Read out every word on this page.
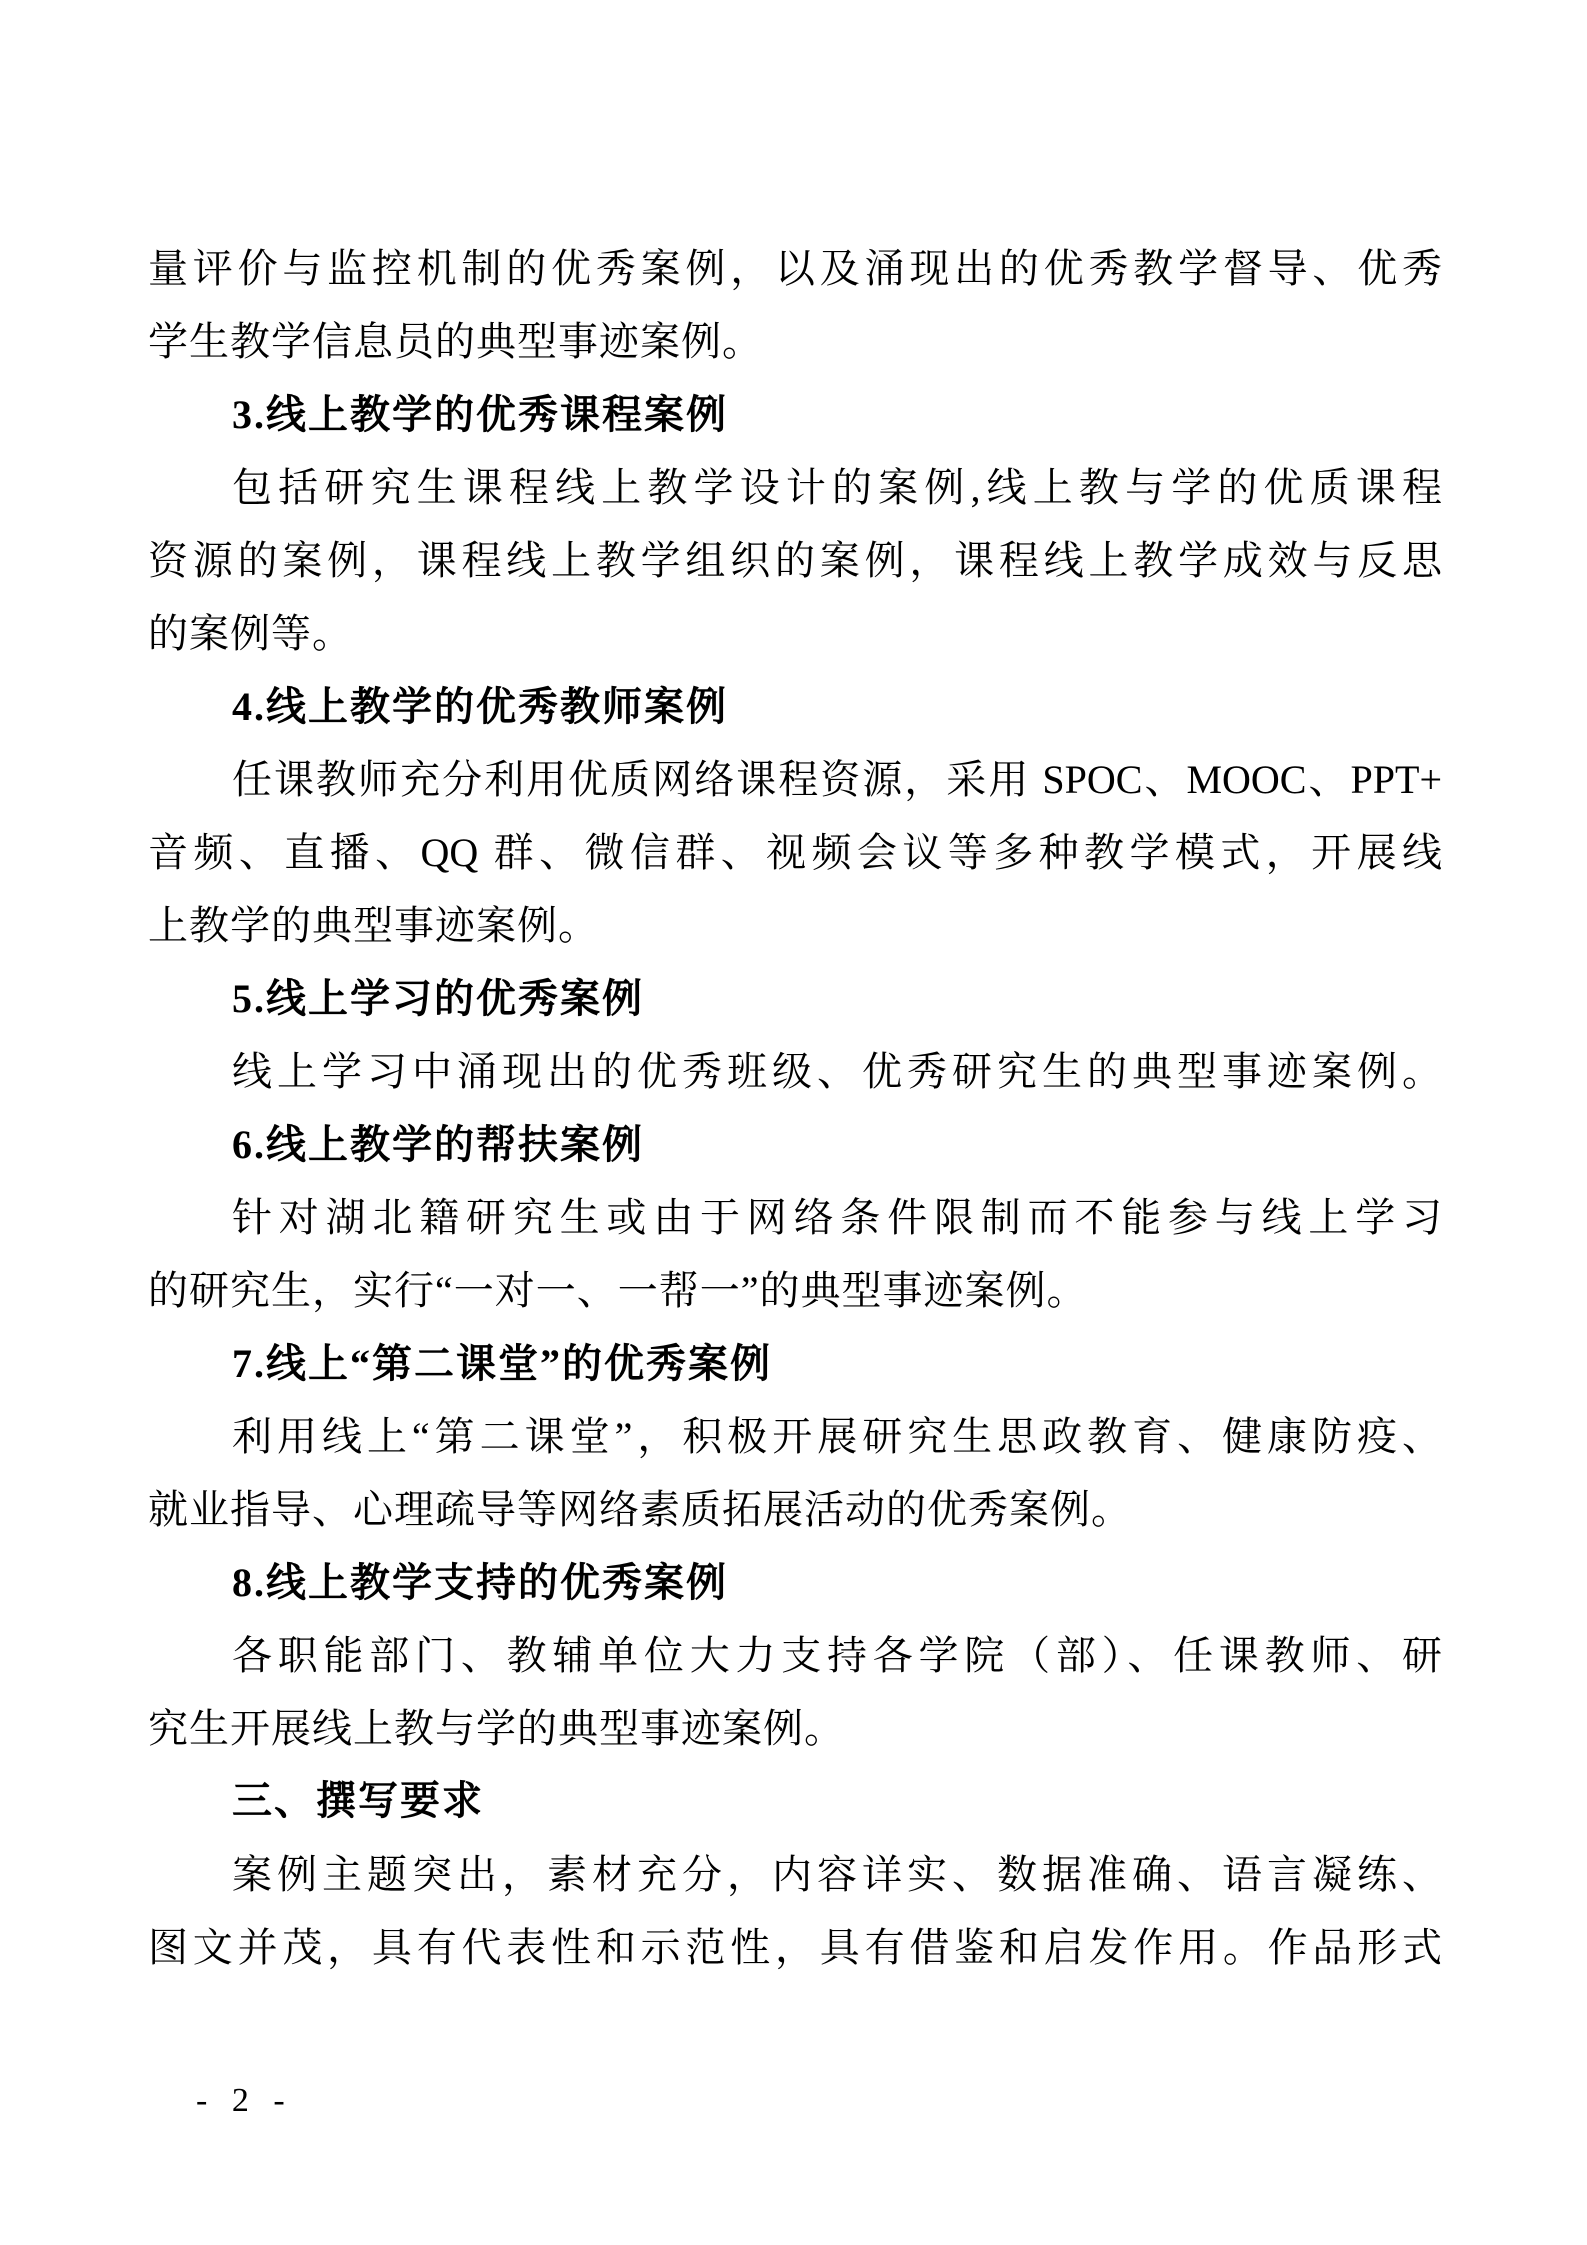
量评价与监控机制的优秀案例，以及涌现出的优秀教学督导、优秀
学生教学信息员的典型事迹案例。
3.线上教学的优秀课程案例
包括研究生课程线上教学设计的案例,线上教与学的优质课程
资源的案例，课程线上教学组织的案例，课程线上教学成效与反思
的案例等。
4.线上教学的优秀教师案例
任课教师充分利用优质网络课程资源，采用 SPOC、MOOC、PPT+
音频、直播、QQ 群、微信群、视频会议等多种教学模式，开展线
上教学的典型事迹案例。
5.线上学习的优秀案例
线上学习中涌现出的优秀班级、优秀研究生的典型事迹案例。
6.线上教学的帮扶案例
针对湖北籍研究生或由于网络条件限制而不能参与线上学习
的研究生，实行“一对一、一帮一”的典型事迹案例。
7.线上“第二课堂”的优秀案例
利用线上“第二课堂”，积极开展研究生思政教育、健康防疫、
就业指导、心理疏导等网络素质拓展活动的优秀案例。
8.线上教学支持的优秀案例
各职能部门、教辅单位大力支持各学院（部）、任课教师、研
究生开展线上教与学的典型事迹案例。
三、撰写要求
案例主题突出，素材充分，内容详实、数据准确、语言凝练、
图文并茂，具有代表性和示范性，具有借鉴和启发作用。作品形式
- 2 -
